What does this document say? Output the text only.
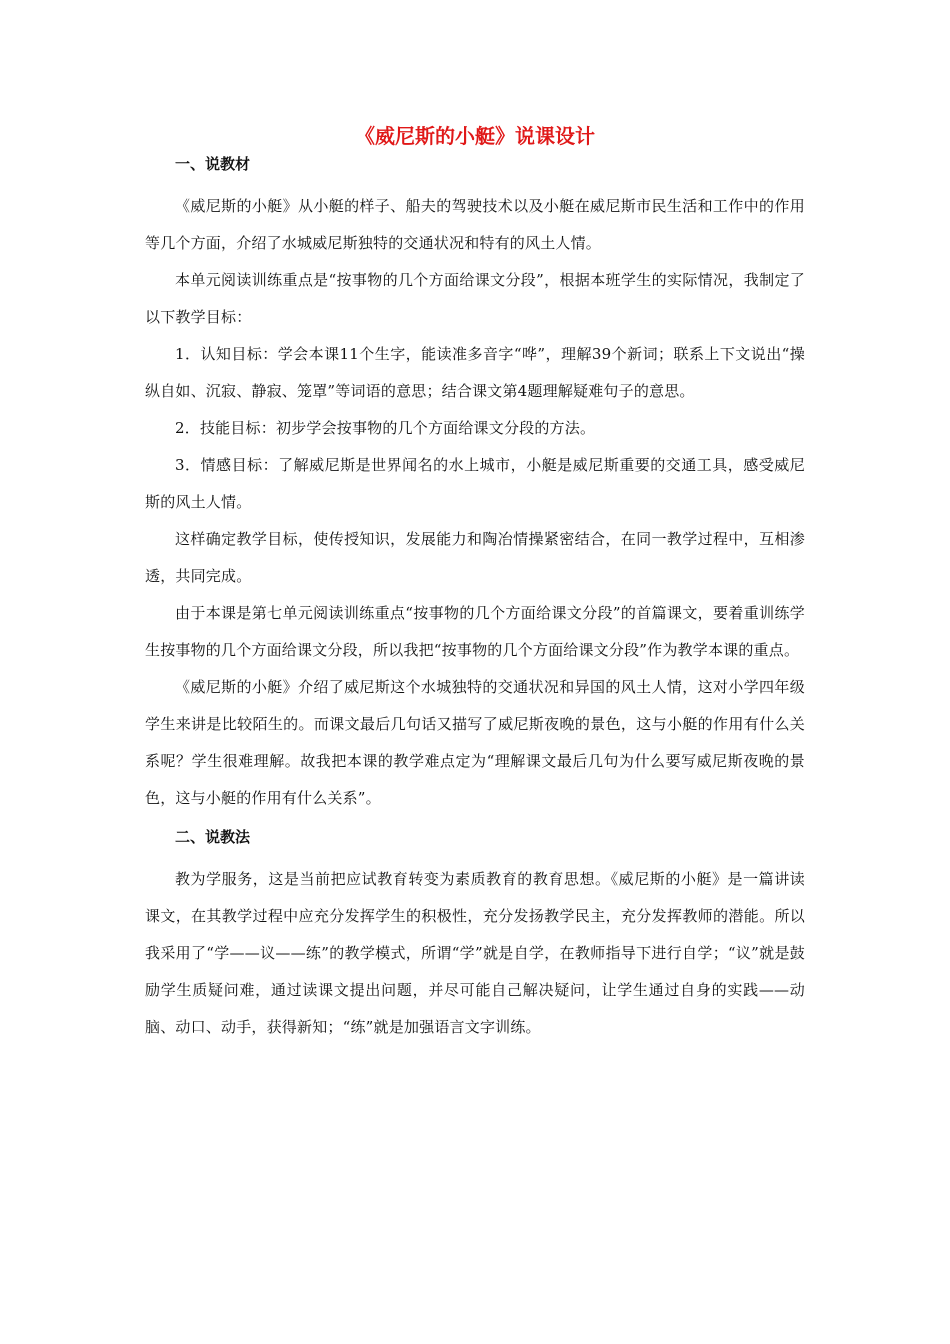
《威尼斯的小艇》说课设计
一、说教材

《威尼斯的小艇》从小艇的样子、船夫的驾驶技术以及小艇在威尼斯市民生活和工作中的作用等几个方面，介绍了水城威尼斯独特的交通状况和特有的风土人情。

本单元阅读训练重点是“按事物的几个方面给课文分段”，根据本班学生的实际情况，我制定了以下教学目标：

1．认知目标：学会本课11个生字，能读准多音字“哗”，理解39个新词；联系上下文说出“操纵自如、沉寂、静寂、笼罩”等词语的意思；结合课文第4题理解疑难句子的意思。

2．技能目标：初步学会按事物的几个方面给课文分段的方法。

3．情感目标：了解威尼斯是世界闻名的水上城市，小艇是威尼斯重要的交通工具，感受威尼斯的风土人情。

这样确定教学目标，使传授知识，发展能力和陶冶情操紧密结合，在同一教学过程中，互相渗透，共同完成。

由于本课是第七单元阅读训练重点“按事物的几个方面给课文分段”的首篇课文，要着重训练学生按事物的几个方面给课文分段，所以我把“按事物的几个方面给课文分段”作为教学本课的重点。

《威尼斯的小艇》介绍了威尼斯这个水城独特的交通状况和异国的风土人情，这对小学四年级学生来讲是比较陌生的。而课文最后几句话又描写了威尼斯夜晚的景色，这与小艇的作用有什么关系呢？学生很难理解。故我把本课的教学难点定为“理解课文最后几句为什么要写威尼斯夜晚的景色，这与小艇的作用有什么关系”。

二、说教法

教为学服务，这是当前把应试教育转变为素质教育的教育思想。《威尼斯的小艇》是一篇讲读课文，在其教学过程中应充分发挥学生的积极性，充分发扬教学民主，充分发挥教师的潜能。所以我采用了“学——议——练”的教学模式，所谓“学”就是自学，在教师指导下进行自学；“议”就是鼓励学生质疑问难，通过读课文提出问题，并尽可能自己解决疑问，让学生通过自身的实践——动脑、动口、动手，获得新知；“练”就是加强语言文字训练。
